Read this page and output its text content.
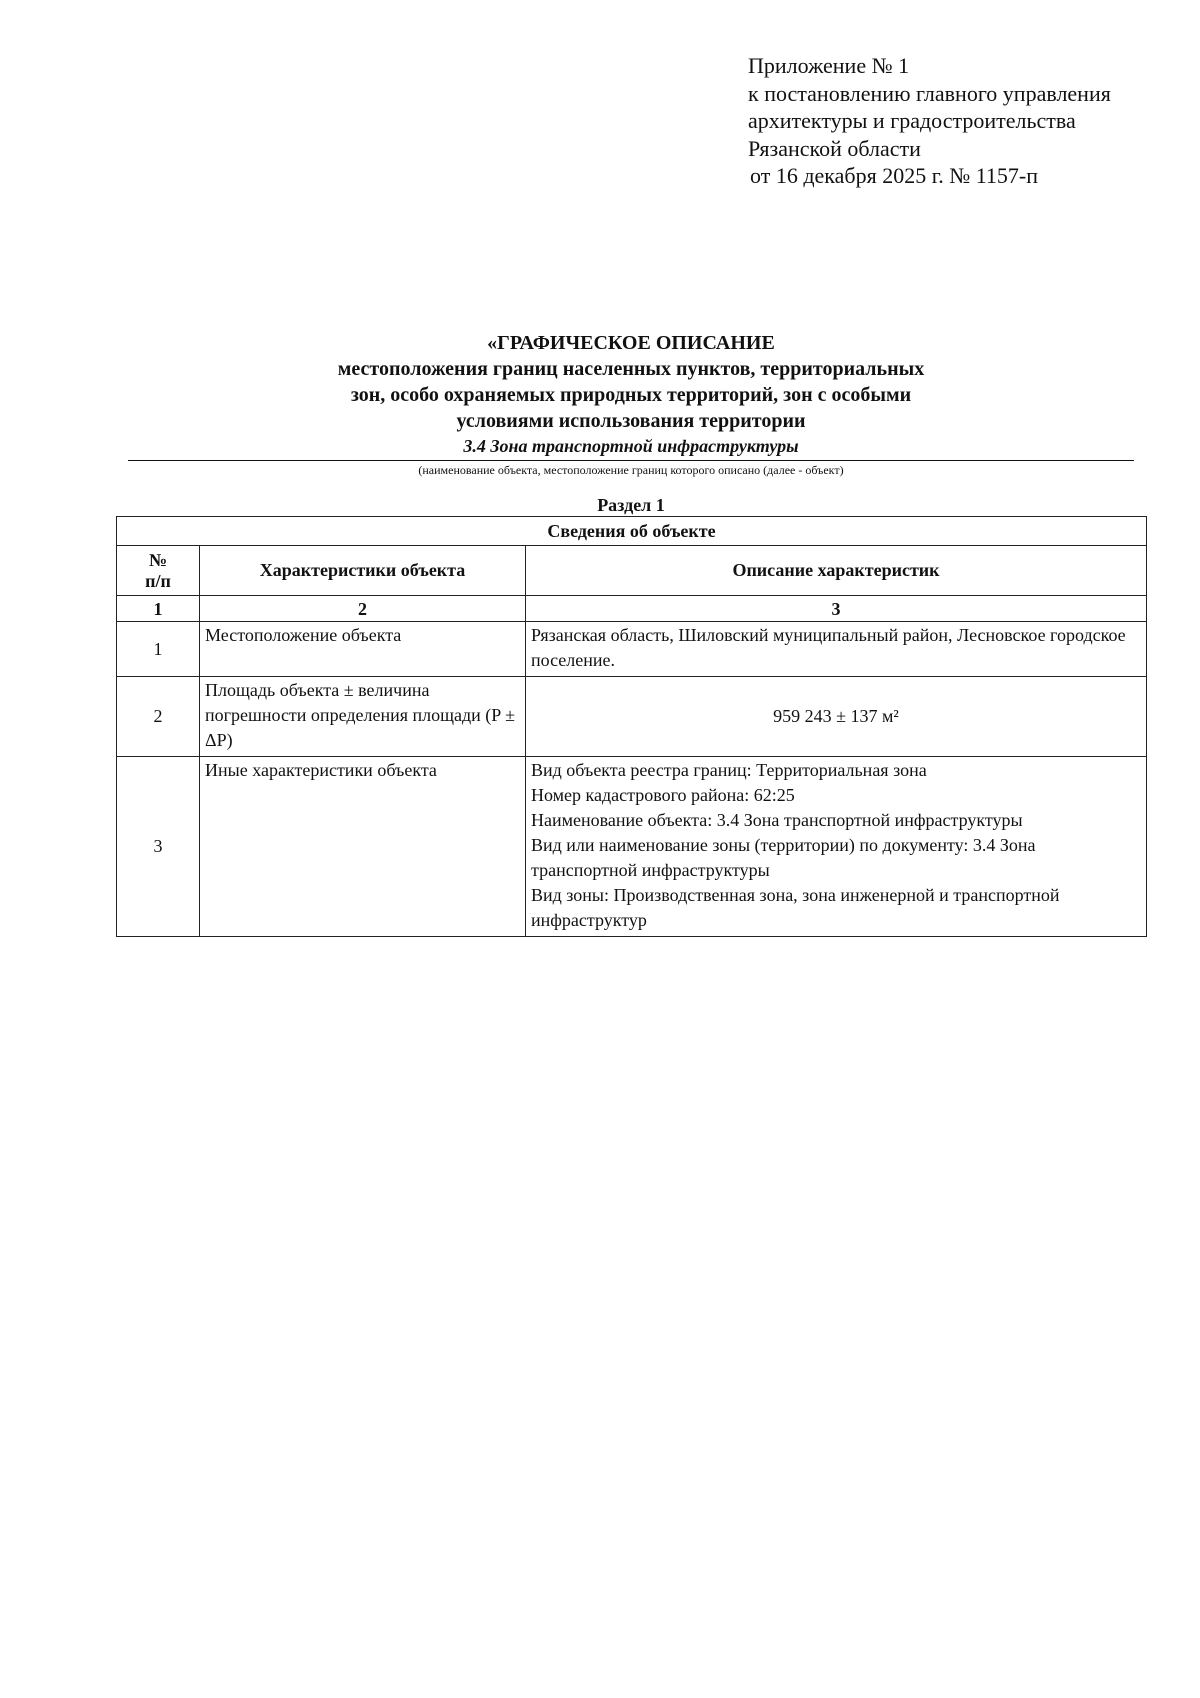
Приложение № 1
к постановлению главного управления
архитектуры и градостроительства
Рязанской области
от 16 декабря 2025 г. № 1157-п
«ГРАФИЧЕСКОЕ ОПИСАНИЕ
местоположения границ населенных пунктов, территориальных
зон, особо охраняемых природных территорий, зон с особыми
условиями использования территории
3.4 Зона транспортной инфраструктуры
(наименование объекта, местоположение границ которого описано (далее - объект)
Раздел 1
Сведения об объекте		

№
п/п	Характеристики объекта	Описание характеристик
1	2	3
1	Местоположение объекта	Рязанская область, Шиловский муниципальный район, Лесновское городское поселение.
2	Площадь объекта ± величина погрешности определения площади (P ± ΔP)	959 243 ± 137 м²
3	Иные характеристики объекта	Вид объекта реестра границ: Территориальная зона
Номер кадастрового района: 62:25
Наименование объекта: 3.4 Зона транспортной инфраструктуры
Вид или наименование зоны (территории) по документу: 3.4 Зона транспортной инфраструктуры
Вид зоны: Производственная зона, зона инженерной и транспортной инфраструктур
